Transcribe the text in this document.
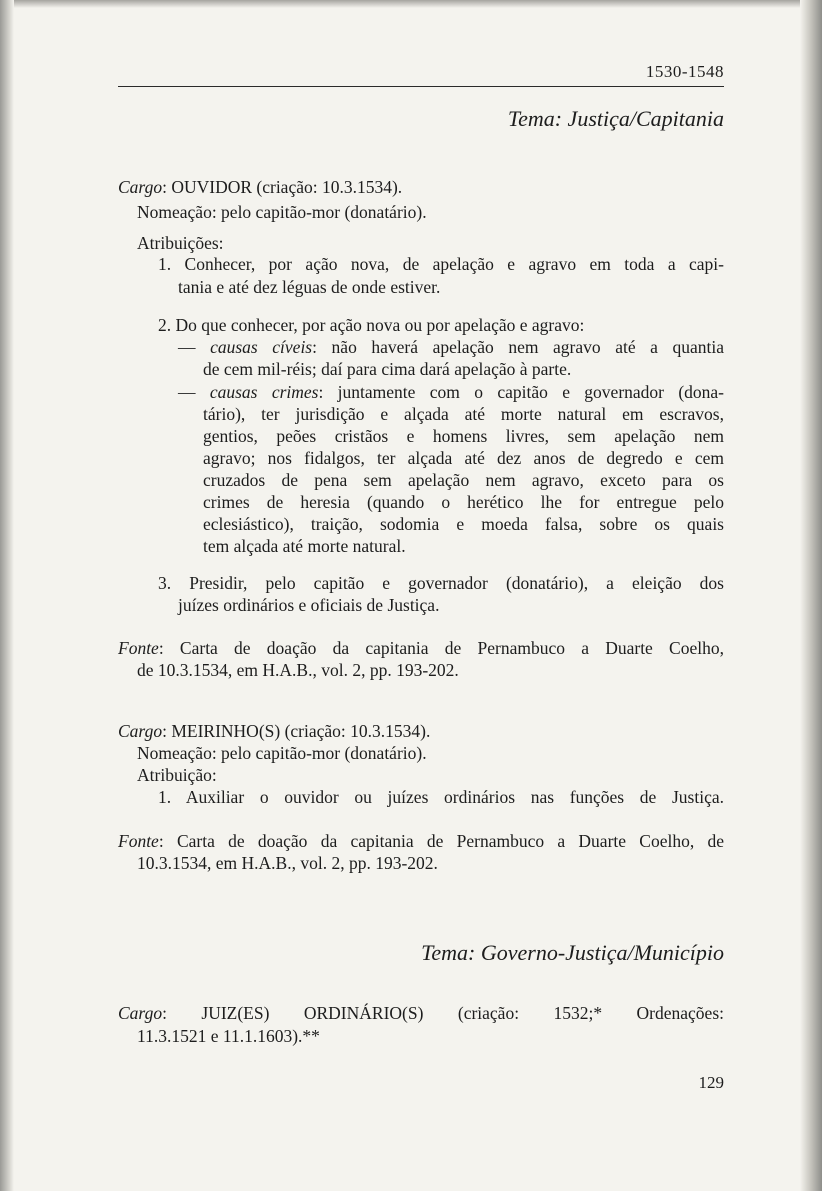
1530-1548
Tema: Justiça/Capitania
Cargo: OUVIDOR (criação: 10.3.1534).
Nomeação: pelo capitão-mor (donatário).
Atribuições:
1. Conhecer, por ação nova, de apelação e agravo em toda a capi-
tania e até dez léguas de onde estiver.
2. Do que conhecer, por ação nova ou por apelação e agravo:
— causas cíveis: não haverá apelação nem agravo até a quantia
de cem mil-réis; daí para cima dará apelação à parte.
— causas crimes: juntamente com o capitão e governador (dona-
tário), ter jurisdição e alçada até morte natural em escravos,
gentios, peões cristãos e homens livres, sem apelação nem
agravo; nos fidalgos, ter alçada até dez anos de degredo e cem
cruzados de pena sem apelação nem agravo, exceto para os
crimes de heresia (quando o herético lhe for entregue pelo
eclesiástico), traição, sodomia e moeda falsa, sobre os quais
tem alçada até morte natural.
3. Presidir, pelo capitão e governador (donatário), a eleição dos
juízes ordinários e oficiais de Justiça.
Fonte: Carta de doação da capitania de Pernambuco a Duarte Coelho,
de 10.3.1534, em H.A.B., vol. 2, pp. 193-202.
Cargo: MEIRINHO(S) (criação: 10.3.1534).
Nomeação: pelo capitão-mor (donatário).
Atribuição:
1. Auxiliar o ouvidor ou juízes ordinários nas funções de Justiça.
Fonte: Carta de doação da capitania de Pernambuco a Duarte Coelho, de
10.3.1534, em H.A.B., vol. 2, pp. 193-202.
Tema: Governo-Justiça/Município
Cargo: JUIZ(ES) ORDINÁRIO(S) (criação: 1532;* Ordenações:
11.3.1521 e 11.1.1603).**
129
